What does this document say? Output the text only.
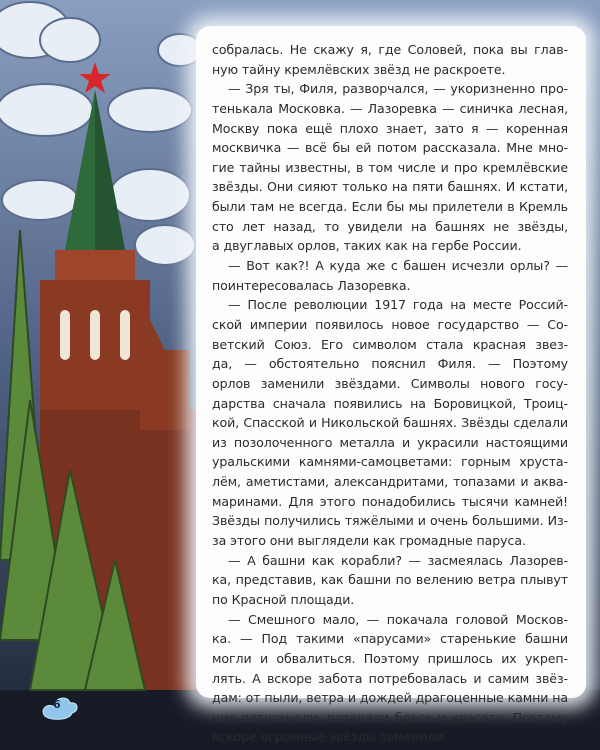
собралась. Не скажу я, где Соловей, пока вы глав-
ную тайну кремлёвских звёзд не раскроете.
— Зря ты, Филя, разворчался, — укоризненно про-
тенькала Московка. — Лазоревка — синичка лесная,
Москву пока ещё плохо знает, зато я — коренная
москвичка — всё бы ей потом рассказала. Мне мно-
гие тайны известны, в том числе и про кремлёвские
звёзды. Они сияют только на пяти башнях. И кстати,
были там не всегда. Если бы мы прилетели в Кремль
сто лет назад, то увидели на башнях не звёзды,
а двуглавых орлов, таких как на гербе России.
— Вот как?! А куда же с башен исчезли орлы? —
поинтересовалась Лазоревка.
— После революции 1917 года на месте Россий-
ской империи появилось новое государство — Со-
ветский Союз. Его символом стала красная звез-
да, — обстоятельно пояснил Филя. — Поэтому
орлов заменили звёздами. Символы нового госу-
дарства сначала появились на Боровицкой, Троиц-
кой, Спасской и Никольской башнях. Звёзды сделали
из позолоченного металла и украсили настоящими
уральскими камнями-самоцветами: горным хруста-
лём, аметистами, александритами, топазами и аква-
маринами. Для этого понадобились тысячи камней!
Звёзды получились тяжёлыми и очень большими. Из-
за этого они выглядели как громадные паруса.
— А башни как корабли? — засмеялась Лазорев-
ка, представив, как башни по велению ветра плывут
по Красной площади.
— Смешного мало, — покачала головой Москов-
ка. — Под такими «парусами» старенькие башни
могли и обвалиться. Поэтому пришлось их укреп-
лять. А вскоре забота потребовалась и самим звёз-
дам: от пыли, ветра и дождей драгоценные камни на
них потускнели, потеряли блеск и красоту. Поэтому
вскоре огромные звёзды заменили.
6
